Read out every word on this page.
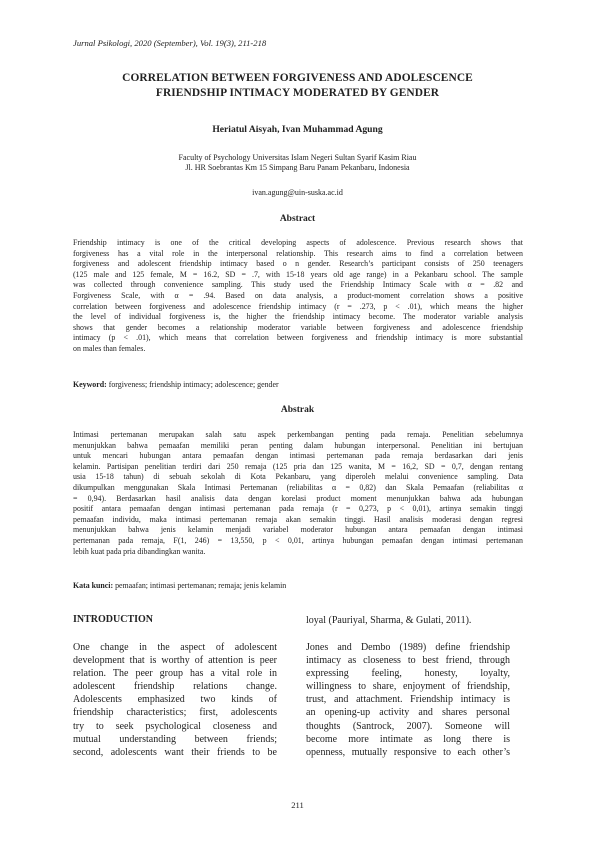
Jurnal Psikologi, 2020 (September), Vol. 19(3), 211-218
CORRELATION BETWEEN FORGIVENESS AND ADOLESCENCE
FRIENDSHIP INTIMACY MODERATED BY GENDER
Heriatul Aisyah, Ivan Muhammad Agung
Faculty of Psychology Universitas Islam Negeri Sultan Syarif Kasim Riau
Jl. HR Soebrantas Km 15 Simpang Baru Panam Pekanbaru, Indonesia
ivan.agung@uin-suska.ac.id
Abstract
Friendship intimacy is one of the critical developing aspects of adolescence. Previous research shows that
forgiveness has a vital role in the interpersonal relationship. This research aims to find a correlation between
forgiveness and adolescent friendship intimacy based o n gender. Research’s participant consists of 250 teenagers
(125 male and 125 female, M = 16.2, SD = .7, with 15-18 years old age range) in a Pekanbaru school. The sample
was collected through convenience sampling. This study used the Friendship Intimacy Scale with α = .82 and
Forgiveness Scale, with α = .94. Based on data analysis, a product-moment correlation shows a positive
correlation between forgiveness and adolescence friendship intimacy (r = .273, p < .01), which means the higher
the level of individual forgiveness is, the higher the friendship intimacy become. The moderator variable analysis
shows that gender becomes a relationship moderator variable between forgiveness and adolescence friendship
intimacy (p < .01), which means that correlation between forgiveness and friendship intimacy is more substantial
on males than females.
Keyword: forgiveness; friendship intimacy; adolescence; gender
Abstrak
Intimasi pertemanan merupakan salah satu aspek perkembangan penting pada remaja. Penelitian sebelumnya
menunjukkan bahwa pemaafan memiliki peran penting dalam hubungan interpersonal. Penelitian ini bertujuan
untuk mencari hubungan antara pemaafan dengan intimasi pertemanan pada remaja berdasarkan dari jenis
kelamin. Partisipan penelitian terdiri dari 250 remaja (125 pria dan 125 wanita, M = 16,2, SD = 0,7, dengan rentang
usia 15-18 tahun) di sebuah sekolah di Kota Pekanbaru, yang diperoleh melalui convenience sampling. Data
dikumpulkan menggunakan Skala Intimasi Pertemanan (reliabilitas α = 0,82) dan Skala Pemaafan (reliabilitas α
= 0,94). Berdasarkan hasil analisis data dengan korelasi product moment menunjukkan bahwa ada hubungan
positif antara pemaafan dengan intimasi pertemanan pada remaja (r = 0,273, p < 0,01), artinya semakin tinggi
pemaafan individu, maka intimasi pertemanan remaja akan semakin tinggi. Hasil analisis moderasi dengan regresi
menunjukkan bahwa jenis kelamin menjadi variabel moderator hubungan antara pemaafan dengan intimasi
pertemanan pada remaja, F(1, 246) = 13,550, p < 0,01, artinya hubungan pemaafan dengan intimasi pertemanan
lebih kuat pada pria dibandingkan wanita.
Kata kunci: pemaafan; intimasi pertemanan; remaja; jenis kelamin
INTRODUCTION
One change in the aspect of adolescent
development that is worthy of attention is peer
relation. The peer group has a vital role in
adolescent friendship relations change.
Adolescents emphasized two kinds of
friendship characteristics; first, adolescents
try to seek psychological closeness and
mutual understanding between friends;
second, adolescents want their friends to be
loyal (Pauriyal, Sharma, & Gulati, 2011).
Jones and Dembo (1989) define friendship
intimacy as closeness to best friend, through
expressing feeling, honesty, loyalty,
willingness to share, enjoyment of friendship,
trust, and attachment. Friendship intimacy is
an opening-up activity and shares personal
thoughts (Santrock, 2007). Someone will
become more intimate as long there is
openness, mutually responsive to each other’s
211
